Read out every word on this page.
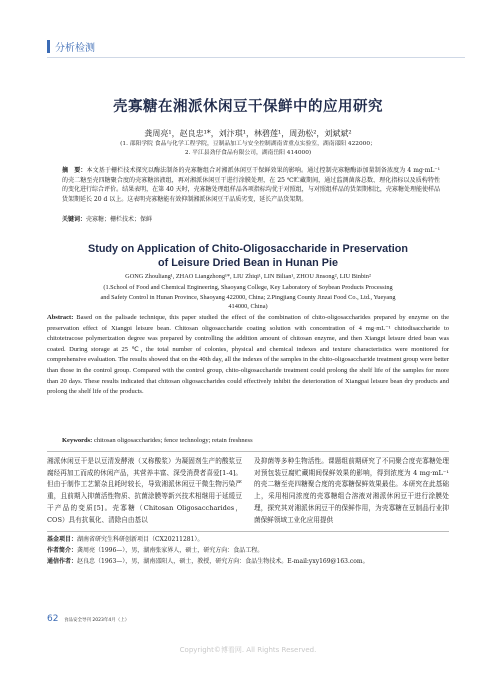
分析检测
壳寡糖在湘派休闲豆干保鲜中的应用研究
龚周亮¹，赵良忠¹*，刘汴琪¹，林碧莲¹，周劲松²，刘斌斌²
(1. 邵阳学院 食品与化学工程学院，豆制品加工与安全控制湖南省重点实验室，湖南邵阳 422000；
2. 平江县劲仔食品有限公司，湖南岳阳 414000)
摘　要：本文基于栅栏技术探究以酶法制备的壳寡糖组合对湘派休闲豆干保鲜效果的影响。通过控制壳寡糖酶添加量制备浓度为 4 mg·mL⁻¹ 的壳二糖至壳四糖聚合度的壳寡糖溶液组，再对湘派休闲豆干进行涂膜处理，在 25 ℃贮藏期间，通过监测菌落总数、理化指标以及质构特性的变化进行综合评价。结果表明，在第 40 天时，壳寡糖处理组样品各项指标均优于对照组，与对照组样品的货架期相比，壳寡糖处理能使样品货架期延长 20 d 以上。这表明壳寡糖能有效抑制湘派休闲豆干品质劣变，延长产品货架期。
关键词：壳寡糖；栅栏技术；保鲜
Study on Application of Chito-Oligosaccharide in Preservation
of Leisure Dried Bean in Hunan Pie
GONG Zhouliang¹, ZHAO Liangzhong¹*, LIU Zhiqi¹, LIN Bilian¹, ZHOU Jinsong², LIU Binbin²
(1.School of Food and Chemical Engineering, Shaoyang College, Key Laboratory of Soybean Products Processing
and Safety Control in Hunan Province, Shaoyang 422000, China; 2.Pingjiang County Jinzai Food Co., Ltd., Yueyang
414000, China)
Abstract: Based on the palisade technique, this paper studied the effect of the combination of chito-oligosaccharides prepared by enzyme on the preservation effect of Xiangpi leisure bean. Chitosan oligosaccharide coating solution with concentration of 4 mg·mL⁻¹ chitodisaccharide to chitotetracose polymerization degree was prepared by controlling the addition amount of chitosan enzyme, and then Xiangpi leisure dried bean was coated. During storage at 25 ℃, the total number of colonies, physical and chemical indexes and texture characteristics were monitored for comprehensive evaluation. The results showed that on the 40th day, all the indexes of the samples in the chito-oligosaccharide treatment group were better than those in the control group. Compared with the control group, chito-oligosaccharide treatment could prolong the shelf life of the samples for more than 20 days. These results indicated that chitosan oligosaccharides could effectively inhibit the deterioration of Xiangpai leisure bean dry products and prolong the shelf life of the products.
Keywords: chitosan oligosaccharides; fence technology; retain freshness
湘派休闲豆干是以豆清发酵液（又称酸浆）为凝固剂生产的酸浆豆腐经再加工而成的休闲产品，其营养丰富、深受消费者喜爱[1-4]。但由于制作工艺繁杂且耗时较长，导致湘派休闲豆干微生物污染严重，且前期入抑菌活性物质、抗菌涂膜等新兴技术相继用于延缓豆干产品的变质[5]。壳寡糖（Chitosan Oligosaccharides，COS）具有抗氧化、清除自由基以
及抑菌等多种生物活性。课题组前期研究了不同聚合度壳寡糖处理对预包装豆腐贮藏期间保鲜效果的影响，得到浓度为 4 mg·mL⁻¹ 的壳二糖至壳四糖聚合度的壳寡糖保鲜效果最佳。本研究在此基础上，采用相同浓度的壳寡糖组合溶液对湘派休闲豆干进行涂膜处理，探究其对湘派休闲豆干的保鲜作用，为壳寡糖在豆制品行业抑菌保鲜领域工业化应用提供
基金项目：湖南省研究生科研创新项目（CX20211281）。
作者简介：龚周亮（1996—），男，湖南张家界人，硕士，研究方向：食品工程。
通信作者：赵良忠（1963—），男，湖南邵阳人，硕士，教授，研究方向：食品生物技术。E-mail:yxy169@163.com。
62 食品安全导刊 2023年4月（上）
Copyright©博看网. All Rights Reserved.
